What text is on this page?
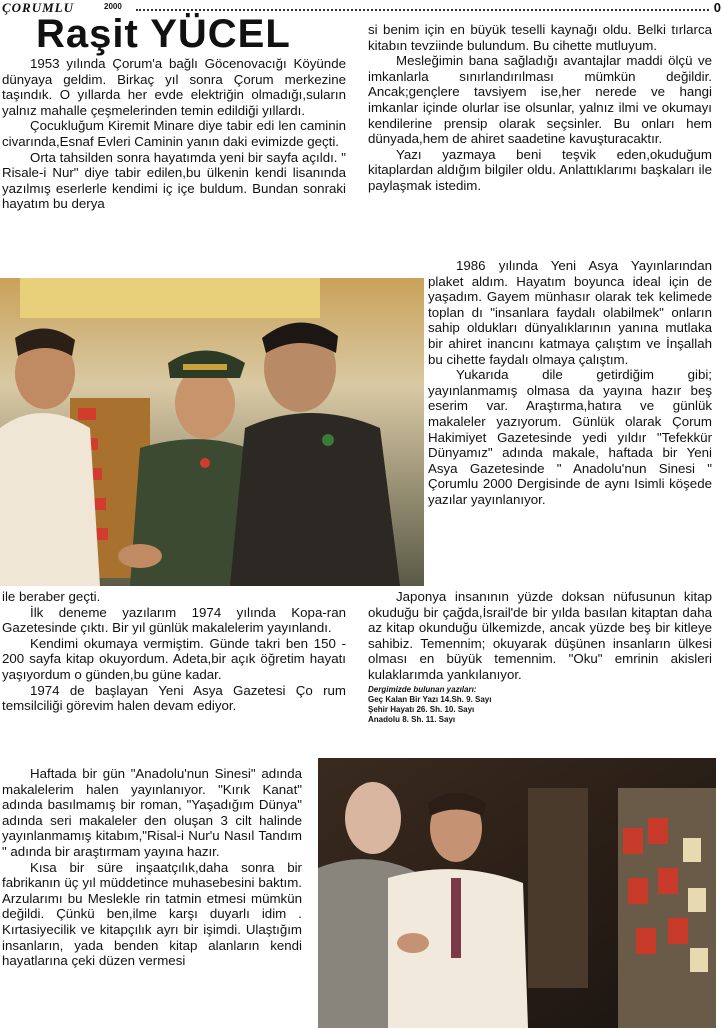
ÇORUMLU	2000	0
Raşit YÜCEL

1953 yılında Çorum'a bağlı Göcenovacığı Köyünde dünyaya geldim. Birkaç yıl sonra Çorum merkezine taşındık. O yıllarda her evde elektriğin olmadığı,suların yalnız mahalle çeşmelerinden temin edildiği yıllardı.

Çocukluğum Kiremit Minare diye tabir edi len caminin civarında,Esnaf Evleri Caminin yanın daki evimizde geçti.

Orta tahsilden sonra hayatımda yeni bir sayfa açıldı. " Risale-i Nur" diye tabir edilen,bu ülkenin kendi lisanında yazılmış eserlerle kendimi iç içe buldum. Bundan sonraki hayatım bu derya

si benim için en büyük teselli kaynağı oldu. Belki tırlarca kitabın tevziinde bulundum. Bu cihette mutluyum.

Mesleğimin bana sağladığı avantajlar maddi ölçü ve imkanlarla sınırlandırılması mümkün değildir. Ancak;gençlere tavsiyem ise,her nerede ve hangi imkanlar içinde olurlar ise olsunlar, yalnız ilmi ve okumayı kendilerine prensip olarak seçsinler. Bu onları hem dünyada,hem de ahiret saadetine kavuşturacaktır.

Yazı yazmaya beni teşvik eden,okuduğum kitaplardan aldığım bilgiler oldu. Anlattıklarımı başkaları ile paylaşmak istedim.

1986 yılında Yeni Asya Yayınlarından plaket aldım. Hayatım boyunca ideal için de yaşadım. Gayem münhasır olarak tek kelimede toplan dı "insanlara faydalı olabilmek" onların sahip oldukları dünyalıklarının yanına mutlaka bir ahiret inancını katmaya çalıştım ve İnşallah bu cihette faydalı olmaya çalıştım.

Yukarıda dile getirdiğim gibi; yayınlanmamış olmasa da yayına hazır beş eserim var. Araştırma,hatıra ve günlük makaleler yazıyorum. Günlük olarak Çorum Hakimiyet Gazetesinde yedi yıldır "Tefekkür Dünyamız" adında makale, haftada bir Yeni Asya Gazetesinde " Anadolu'nun Sinesi " Çorumlu 2000 Dergisinde de aynı Isimli köşede yazılar yayınlanıyor.

ile beraber geçti.

İlk deneme yazılarım 1974 yılında Kopa-ran Gazetesinde çıktı. Bir yıl günlük makalelerim yayınlandı.

Kendimi okumaya vermiştim. Günde takri ben 150 - 200 sayfa kitap okuyordum. Adeta,bir açık öğretim hayatı yaşıyordum o günden,bu güne kadar.

1974 de başlayan Yeni Asya Gazetesi Ço rum temsilciliği görevim halen devam ediyor.

Japonya insanının yüzde doksan nüfusunun kitap okuduğu bir çağda,İsrail'de bir yılda basılan kitaptan daha az kitap okunduğu ülkemizde, ancak yüzde beş bir kitleye sahibiz. Temennim; okuyarak düşünen insanların ülkesi olması en büyük temennim. "Oku" emrinin akisleri kulaklarımda yankılanıyor.

Dergimizde bulunan yazıları:
Geç Kalan Bir Yazı 14.Sh. 9. Sayı
Şehir Hayatı 26. Sh. 10. Sayı
Anadolu 8. Sh. 11. Sayı

Haftada bir gün "Anadolu'nun Sinesi" adında makalelerim halen yayınlanıyor. "Kırık Kanat" adında basılmamış bir roman, "Yaşadığım Dünya" adında seri makaleler den oluşan 3 cilt halinde yayınlanmamış kitabım,"Risal-i Nur'u Nasıl Tandım " adında bir araştırmam yayına hazır.

Kısa bir süre inşaatçılık,daha sonra bir fabrikanın üç yıl müddetince muhasebesini baktım. Arzularımı bu Meslekle rin tatmin etmesi mümkün değildi. Çünkü ben,ilme karşı duyarlı idim . Kırtasiyecilik ve kitapçılık ayrı bir işimdi. Ulaştığım insanların, yada benden kitap alanların kendi hayatlarına çeki düzen vermesi
